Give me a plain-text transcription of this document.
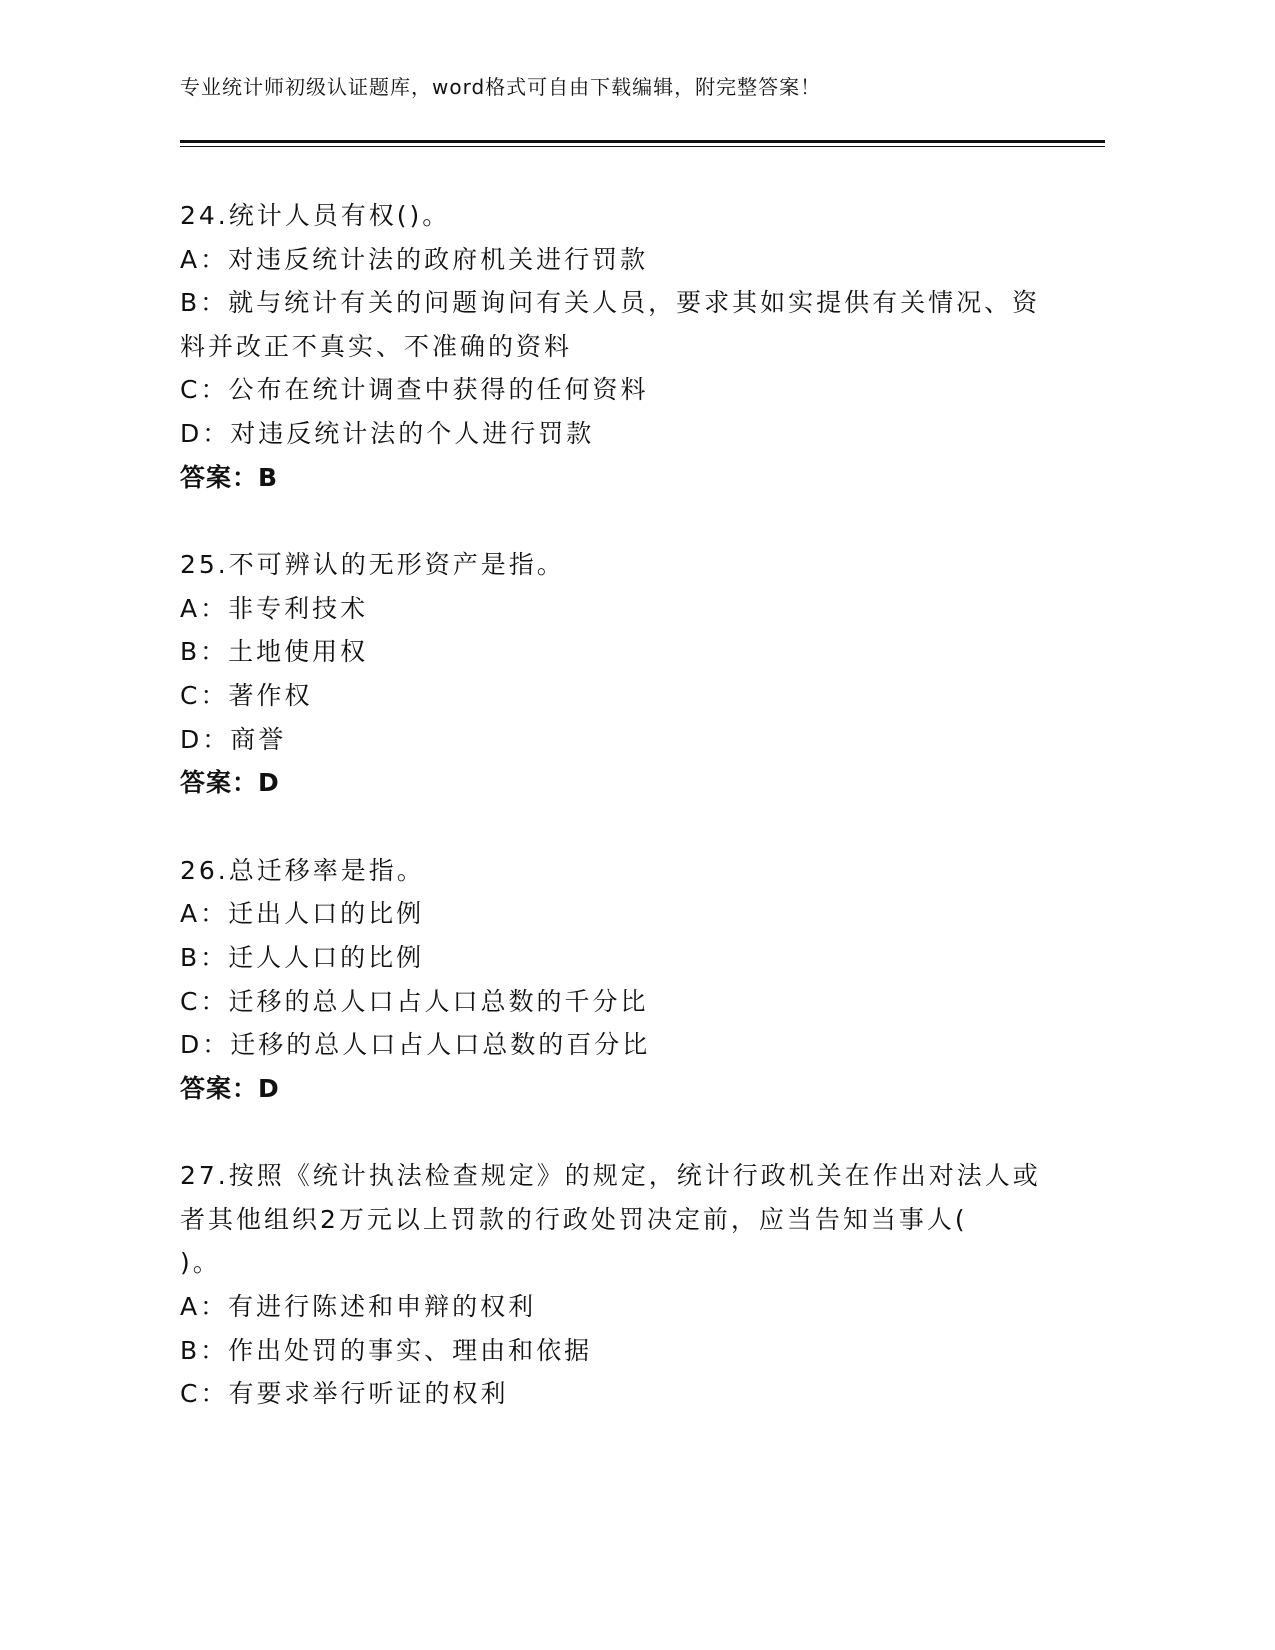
专业统计师初级认证题库，word格式可自由下载编辑，附完整答案！
24.统计人员有权()。
A：对违反统计法的政府机关进行罚款
B：就与统计有关的问题询问有关人员，要求其如实提供有关情况、资
料并改正不真实、不准确的资料
C：公布在统计调查中获得的任何资料
D：对违反统计法的个人进行罚款
答案：B
25.不可辨认的无形资产是指。
A：非专利技术
B：土地使用权
C：著作权
D：商誉
答案：D
26.总迁移率是指。
A：迁出人口的比例
B：迁人人口的比例
C：迁移的总人口占人口总数的千分比
D：迁移的总人口占人口总数的百分比
答案：D
27.按照《统计执法检查规定》的规定，统计行政机关在作出对法人或
者其他组织2万元以上罚款的行政处罚决定前，应当告知当事人(
)。
A：有进行陈述和申辩的权利
B：作出处罚的事实、理由和依据
C：有要求举行听证的权利
